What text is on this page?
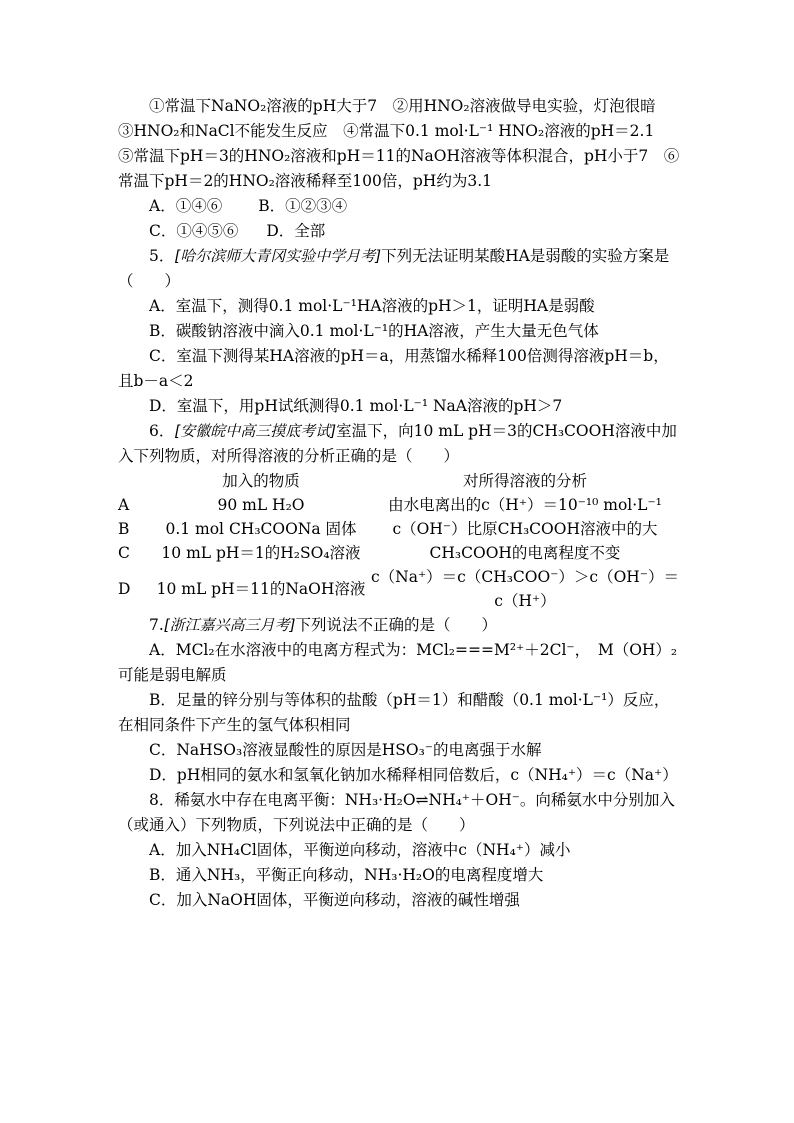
①常温下NaNO₂溶液的pH大于7　②用HNO₂溶液做导电实验，灯泡很暗　③HNO₂和NaCl不能发生反应　④常温下0.1 mol·L⁻¹ HNO₂溶液的pH＝2.1　⑤常温下pH＝3的HNO₂溶液和pH＝11的NaOH溶液等体积混合，pH小于7　⑥常温下pH＝2的HNO₂溶液稀释至100倍，pH约为3.1

A．①④⑥ B．①②③④

C．①④⑤⑥ D．全部

5．[哈尔滨师大青冈实验中学月考]下列无法证明某酸HA是弱酸的实验方案是（　　）

A．室温下，测得0.1 mol·L⁻¹HA溶液的pH＞1，证明HA是弱酸

B．碳酸钠溶液中滴入0.1 mol·L⁻¹的HA溶液，产生大量无色气体

C．室温下测得某HA溶液的pH＝a，用蒸馏水稀释100倍测得溶液pH＝b，且b－a＜2

D．室温下，用pH试纸测得0.1 mol·L⁻¹ NaA溶液的pH＞7

6．[安徽皖中高三摸底考试]室温下，向10 mL pH＝3的CH₃COOH溶液中加入下列物质，对所得溶液的分析正确的是（　　）

	加入的物质	对所得溶液的分析
A	90 mL H₂O	由水电离出的c（H⁺）＝10⁻¹⁰ mol·L⁻¹
B	0.1 mol CH₃COONa 固体	c（OH⁻）比原CH₃COOH溶液中的大
C	10 mL pH＝1的H₂SO₄溶液	CH₃COOH的电离程度不变
D	10 mL pH＝11的NaOH溶液	c（Na⁺）＝c（CH₃COO⁻）＞c（OH⁻）＝c（H⁺）

7.[浙江嘉兴高三月考]下列说法不正确的是（　　）

A．MCl₂在水溶液中的电离方程式为：MCl₂===M²⁺＋2Cl⁻，　M（OH）₂可能是弱电解质

B．足量的锌分别与等体积的盐酸（pH＝1）和醋酸（0.1 mol·L⁻¹）反应，在相同条件下产生的氢气体积相同

C．NaHSO₃溶液显酸性的原因是HSO₃⁻的电离强于水解

D．pH相同的氨水和氢氧化钠加水稀释相同倍数后，c（NH₄⁺）＝c（Na⁺）

8．稀氨水中存在电离平衡：NH₃·H₂O⇌NH₄⁺＋OH⁻。向稀氨水中分别加入（或通入）下列物质，下列说法中正确的是（　　）

A．加入NH₄Cl固体，平衡逆向移动，溶液中c（NH₄⁺）减小

B．通入NH₃，平衡正向移动，NH₃·H₂O的电离程度增大

C．加入NaOH固体，平衡逆向移动，溶液的碱性增强
